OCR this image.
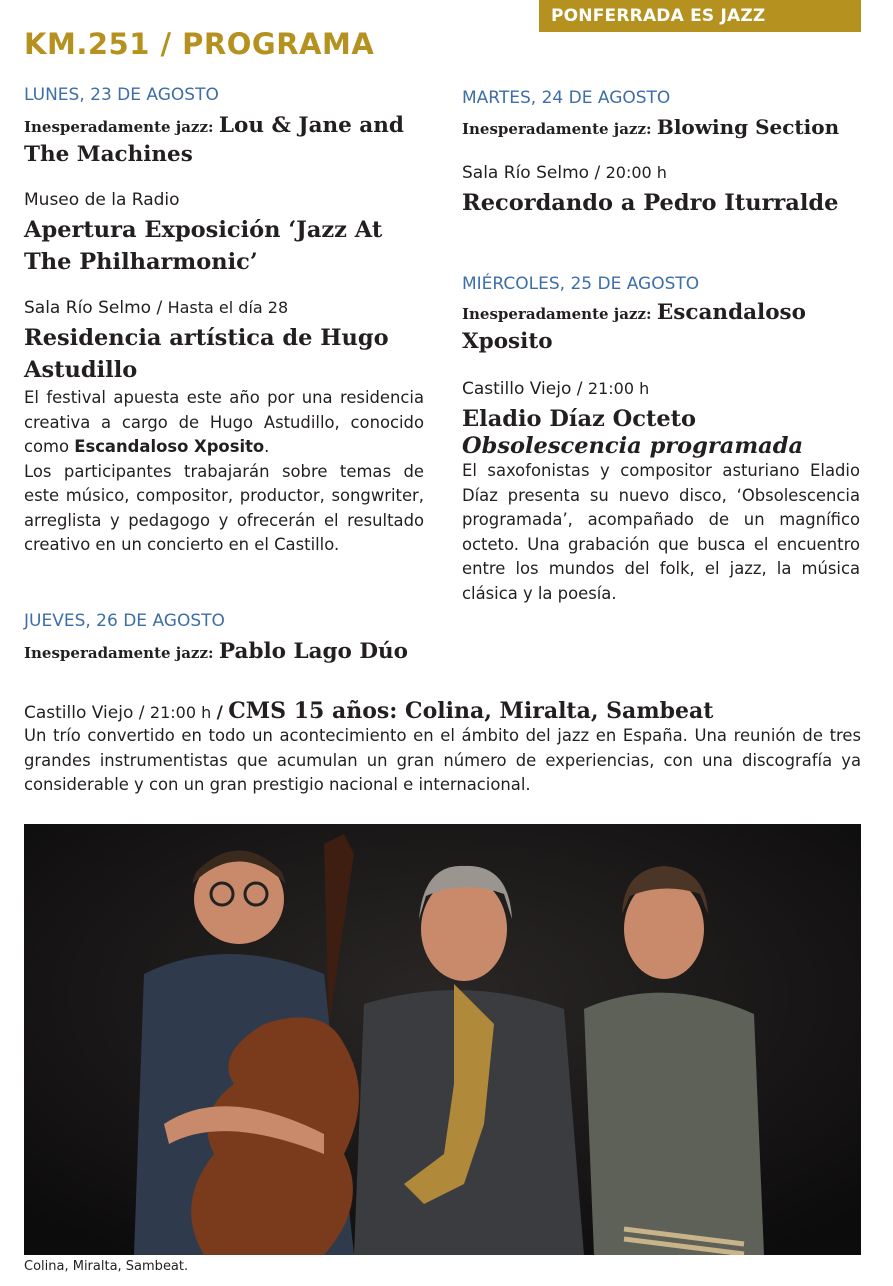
PONFERRADA ES JAZZ
KM.251 / PROGRAMA

LUNES, 23 DE AGOSTO

Inesperadamente jazz: Lou & Jane and The Machines

Museo de la Radio

Apertura Exposición ‘Jazz At The Philharmonic’

Sala Río Selmo / Hasta el día 28

Residencia artística de Hugo Astudillo

El festival apuesta este año por una residencia creativa a cargo de Hugo Astudillo, conocido como Escandaloso Xposito.
Los participantes trabajarán sobre temas de este músico, compositor, productor, songwriter, arreglista y pedagogo y ofrecerán el resultado creativo en un concierto en el Castillo.

JUEVES, 26 DE AGOSTO

Inesperadamente jazz: Pablo Lago Dúo

MARTES, 24 DE AGOSTO

Inesperadamente jazz: Blowing Section

Sala Río Selmo / 20:00 h

Recordando a Pedro Iturralde

MIÉRCOLES, 25 DE AGOSTO

Inesperadamente jazz: Escandaloso Xposito

Castillo Viejo / 21:00 h

Eladio Díaz Octeto

Obsolescencia programada

El saxofonistas y compositor asturiano Eladio Díaz presenta su nuevo disco, ‘Obsolescencia programada’, acompañado de un magnífico octeto. Una grabación que busca el encuentro entre los mundos del folk, el jazz, la música clásica y la poesía.

Castillo Viejo / 21:00 h / CMS 15 años: Colina, Miralta, Sambeat

Un trío convertido en todo un acontecimiento en el ámbito del jazz en España. Una reunión de tres grandes instrumentistas que acumulan un gran número de experiencias, con una discografía ya considerable y con un gran prestigio nacional e internacional.

Colina, Miralta, Sambeat.
